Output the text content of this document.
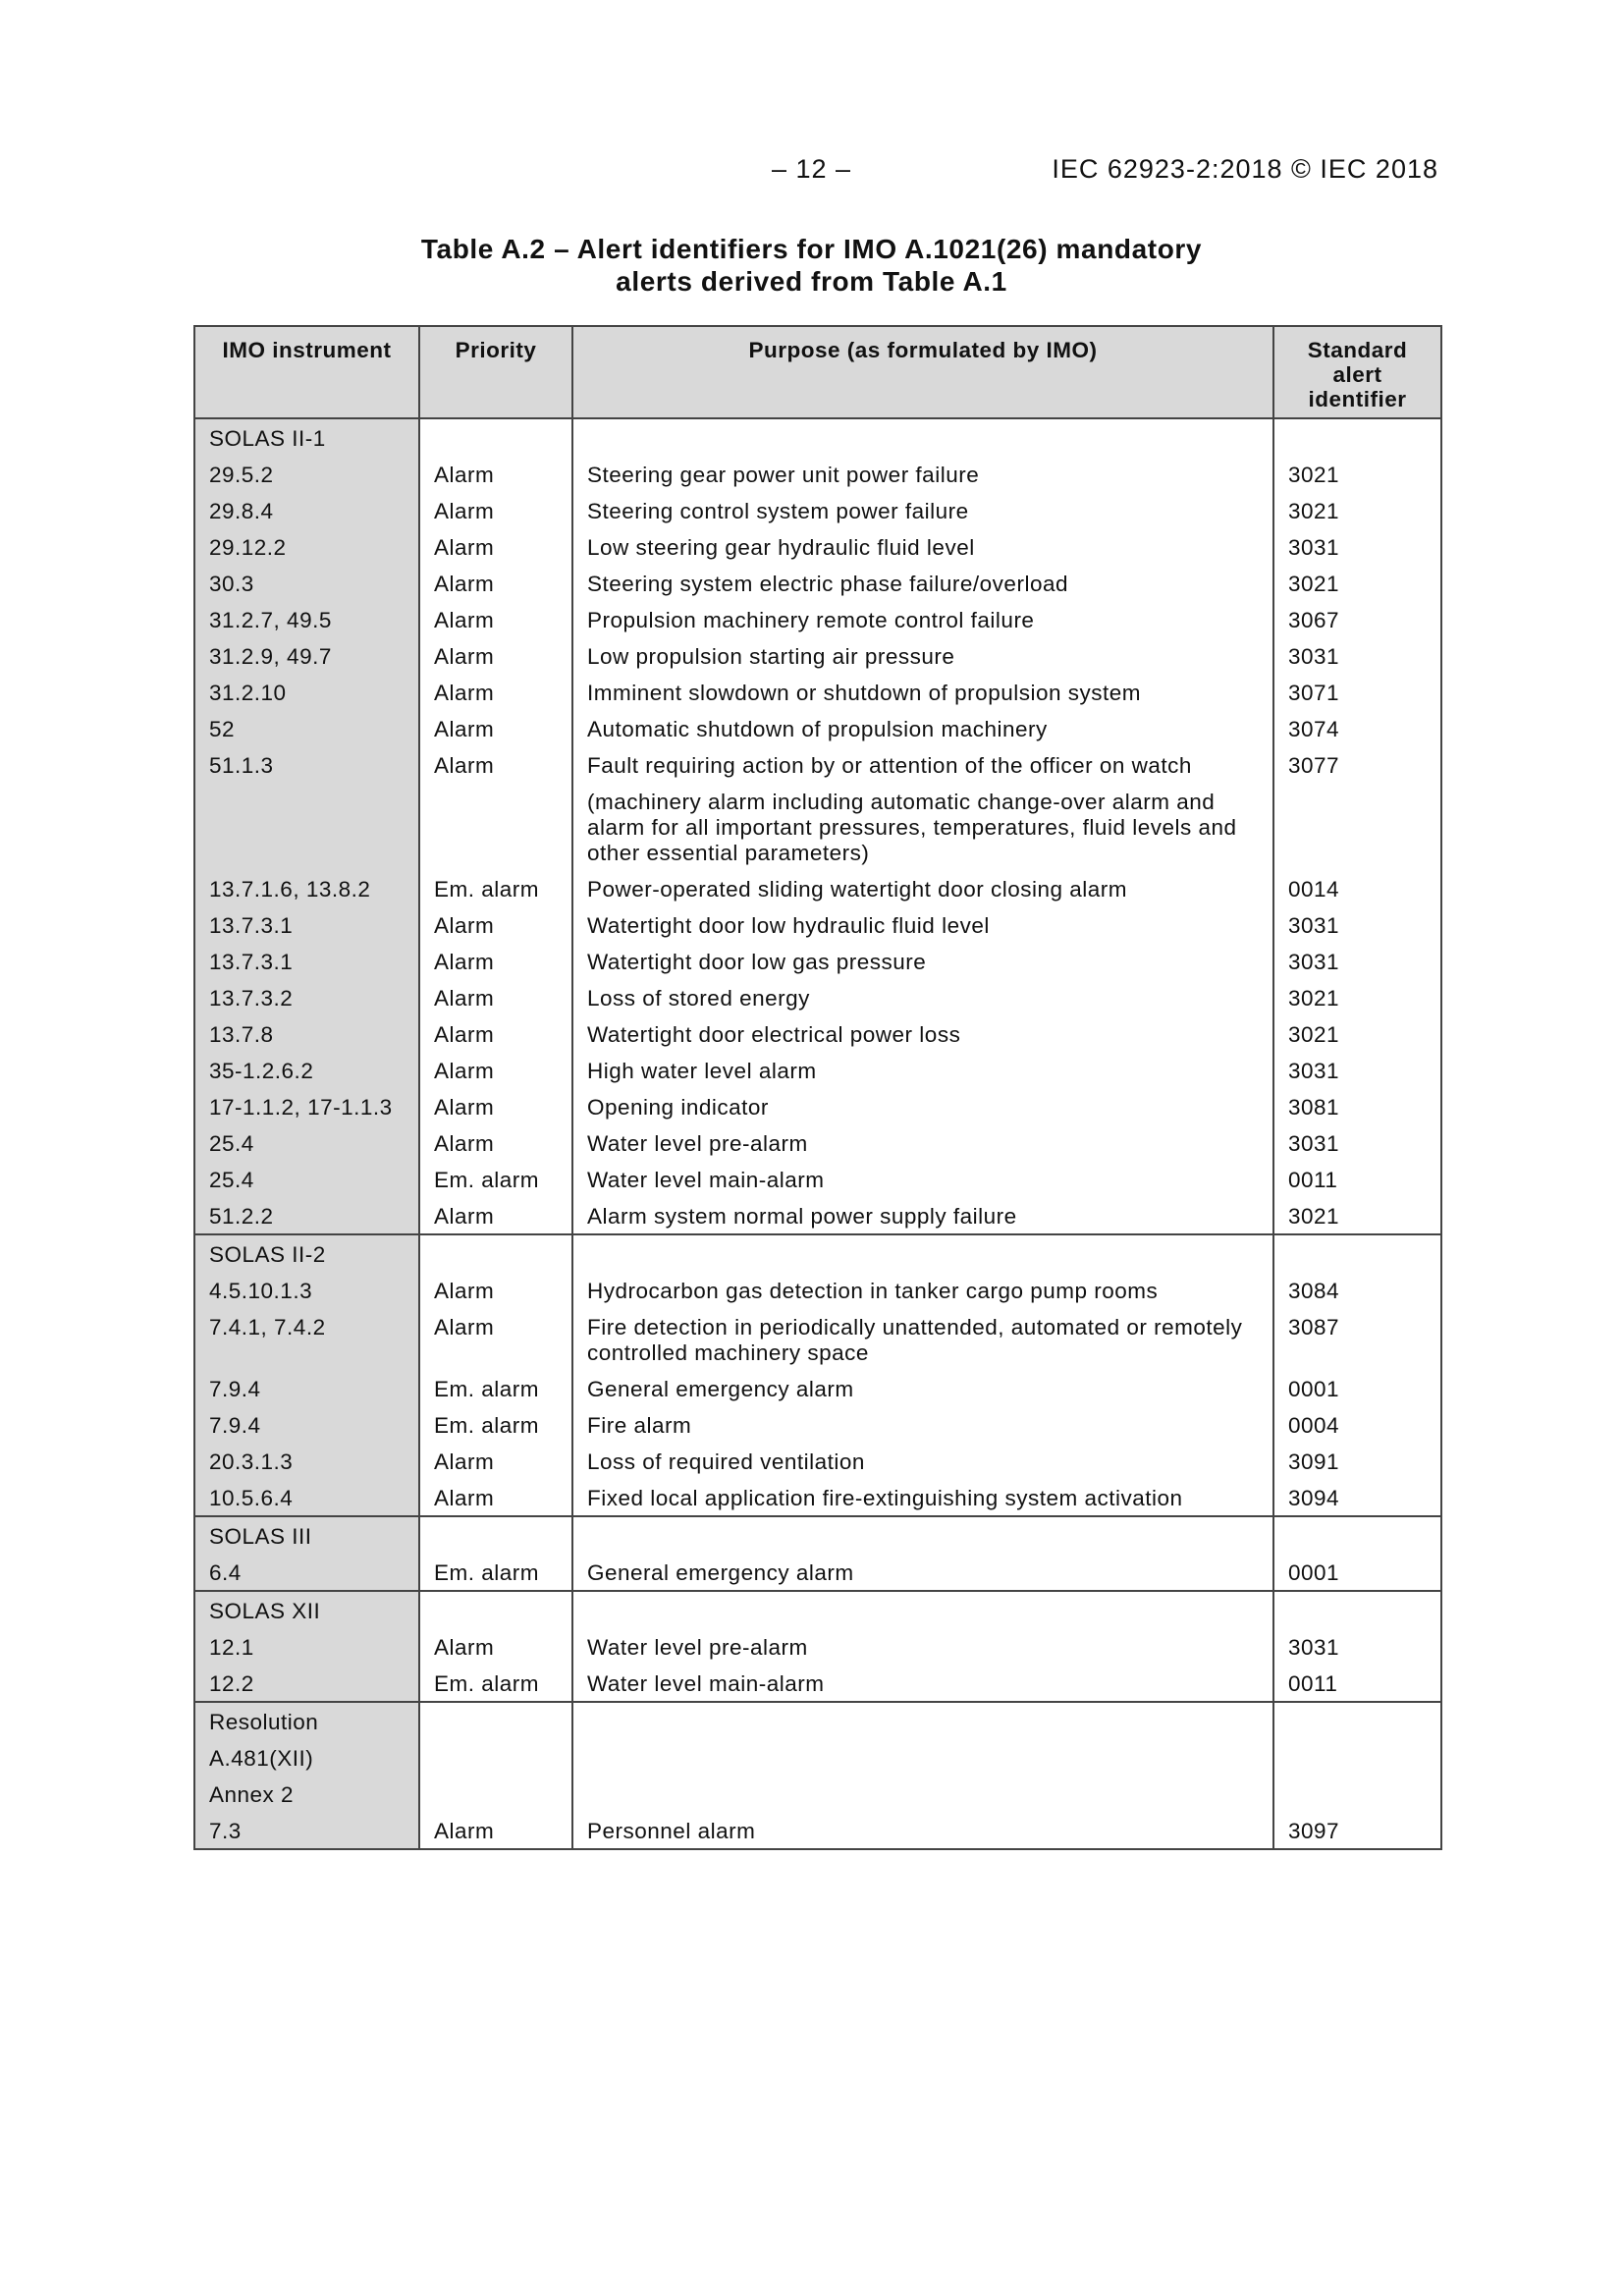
– 12 –	IEC 62923-2:2018 © IEC 2018
Table A.2 – Alert identifiers for IMO A.1021(26) mandatory
alerts derived from Table A.1
IMO instrument	Priority	Purpose (as formulated by IMO)	Standard alert identifier
SOLAS II-1			
29.5.2	Alarm	Steering gear power unit power failure	3021
29.8.4	Alarm	Steering control system power failure	3021
29.12.2	Alarm	Low steering gear hydraulic fluid level	3031
30.3	Alarm	Steering system electric phase failure/overload	3021
31.2.7, 49.5	Alarm	Propulsion machinery remote control failure	3067
31.2.9, 49.7	Alarm	Low propulsion starting air pressure	3031
31.2.10	Alarm	Imminent slowdown or shutdown of propulsion system	3071
52	Alarm	Automatic shutdown of propulsion machinery	3074
51.1.3	Alarm	Fault requiring action by or attention of the officer on watch	3077
		(machinery alarm including automatic change-over alarm and alarm for all important pressures, temperatures, fluid levels and other essential parameters)	
13.7.1.6, 13.8.2	Em. alarm	Power-operated sliding watertight door closing alarm	0014
13.7.3.1	Alarm	Watertight door low hydraulic fluid level	3031
13.7.3.1	Alarm	Watertight door low gas pressure	3031
13.7.3.2	Alarm	Loss of stored energy	3021
13.7.8	Alarm	Watertight door electrical power loss	3021
35-1.2.6.2	Alarm	High water level alarm	3031
17-1.1.2, 17-1.1.3	Alarm	Opening indicator	3081
25.4	Alarm	Water level pre-alarm	3031
25.4	Em. alarm	Water level main-alarm	0011
51.2.2	Alarm	Alarm system normal power supply failure	3021
SOLAS II-2			
4.5.10.1.3	Alarm	Hydrocarbon gas detection in tanker cargo pump rooms	3084
7.4.1, 7.4.2	Alarm	Fire detection in periodically unattended, automated or remotely controlled machinery space	3087
7.9.4	Em. alarm	General emergency alarm	0001
7.9.4	Em. alarm	Fire alarm	0004
20.3.1.3	Alarm	Loss of required ventilation	3091
10.5.6.4	Alarm	Fixed local application fire-extinguishing system activation	3094
SOLAS III			
6.4	Em. alarm	General emergency alarm	0001
SOLAS XII			
12.1	Alarm	Water level pre-alarm	3031
12.2	Em. alarm	Water level main-alarm	0011
Resolution			
A.481(XII)			
Annex 2			
7.3	Alarm	Personnel alarm	3097
